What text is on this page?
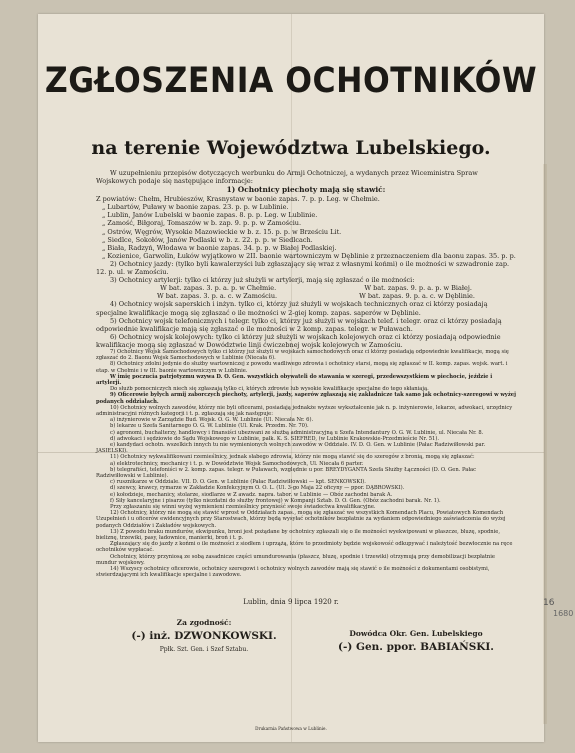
ZGŁOSZENIA OCHOTNIKÓW
na terenie Województwa Lubelskiego.

W uzupełnieniu przepisów dotyczących werbunku do Armji Ochotniczej, a wydanych przez Wiceministra Spraw Wojskowych podaje się następujące informacje:

1) Ochotnicy piechoty mają się stawić:

Z powiatów: Chełm, Hrubieszów, Krasnystaw w baonie zapas. 7. p. p. Leg. w Chełmie.

„ Lubartów, Puławy w baonie zapas. 23. p. p. w Lublinie.

„ Lublin, Janów Lubelski w baonie zapas. 8. p. p. Leg. w Lublinie.

„ Zamość, Biłgoraj, Tomaszów w b. zap. 9. p. p. w Zamościu.

„ Ostrów, Węgrów, Wysokie Mazowieckie w b. z. 15. p. p. w Brześciu Lit.

„ Siedlce, Sokołów, Janów Podlaski w b. z. 22. p. p. w Siedlcach.

„ Biała, Radzyń, Włodawa w baonie zapas. 34. p. p. w Białej Podlaskiej.

„ Kozienice, Garwolin, Łuków wyjątkowo w 2II. baonie wartowniczym w Dęblinie z przeznaczeniem dla baonu zapas. 35. p. p.

2) Ochotnicy jazdy: (tylko byli kawalerzyści lub zgłaszający się wraz z własnymi końmi) o ile możności w szwadronie zap. 12. p. ul. w Zamościu.

3) Ochotnicy artylerji: tylko ci którzy już służyli w artylerji, mają się zgłaszać o ile możności:

W bat. zapas. 3. p. a. p. w Chełmie.	W bat. zapas. 9. p. a. p. w Białej.
W bat. zapas. 3. p. a. c. w Zamościu.	W bat. zapas. 9. p. a. c. w Dęblinie.

4) Ochotnicy wojsk saperskich i inżyn. tylko ci, którzy już służyli w wojskach technicznych oraz ci którzy posiadają specjalne kwalifikacje mogą się zgłaszać o ile możności w 2-giej komp. zapas. saperów w Dęblinie.

5) Ochotnicy wojsk telefonicznych i telegr. tylko ci, którzy już służyli w wojskach telef. i telegr. oraz ci którzy posiadają odpowiednie kwalifikacje mają się zgłaszać o ile możności w 2 komp. zapas. telegr. w Puławach.

6) Ochotnicy wojsk kolejowych: tylko ci którzy już służyli w wojskach kolejowych oraz ci którzy posiadają odpowiednie kwalifikacje mogą się zgłaszać w Dowództwie linji ćwiczebnej wojsk kolejowych w Zamościu.

7) Ochotnicy Wojsk Samochodowych tylko ci którzy już służyli w wojskach samochodowych oraz ci którzy posiadają odpowiednie kwalifikacje, mogą się zgłaszać do 2. Baonu Wojsk Samochodowych w Lublinie (Niecała 6).

8) Ochotnicy zdolni jedynie do służby wartowniczej z powodu wadliwego zdrowia i ochotnicy starsi, mogą się zgłaszać w II. komp. zapas. wojsk. wart. i etap. w Chełmie i w III. baonie wartowniczym w Lublinie.

W imię poczucia patrjotyzmu wzywa D. O. Gen. wszystkich obywateli do stawania w szeregi, przedewszystkiem w piechocie, jeździe i artylerji.

Do służb pomocniczych niech się zgłaszają tylko ci, których zdrowie lub wysokie kwalifikacje specjalne do tego skłaniają.

9) Oficerowie byłych armij zaborczych piechoty, artylerji, jazdy, saperów zgłaszają się zakładnicze tak samo jak ochotnicy-szeregowi w wyżej podanych oddziałach.

10) Ochotnicy wolnych zawodów, którzy nie byli oficerami, posiadają jednakże wyższe wykształcenie jak n. p. inżynierowie, lekarze, adwokaci, urzędnicy administracyjni różnych kategorji i t. p. zgłaszają się jak następuje:

a) inżynierowie w Zarządzie Bud. Wojsk. O. G. W. Lublinie (Ul. Niecała Nr. 6).

b) lekarze u Szefa Sanitarnego O. G. W. Lublinie (Ul. Krak. Przedm. Nr. 70).

c) agronomi, buchalterzy, handlowcy i finansiści ubezwani ze służbą administracyjną u Szefa Intendantury O. G. W. Lublinie, ul. Niecała Nr. 8.

d) adwokaci i sędziowie do Sądu Wojskowego w Lublinie, pałk. K. S. SIEFRED, (w Lublinie Krakowskie-Przedmieście Nr. 51).

e) kandydaci ochotn. wszelkich innych tu nie wymienionych wolnych zawodów w Oddziale. IV. D. O. Gen. w Lublinie (Pałac Radziwiłłowski par. JASIELSKI).

11) Ochotnicy wykwalifikowani rzemieślnicy, jednak słabego zdrowia, którzy nie mogą stawić się do szeregów z bronią, mogą się zgłaszać:

a) elektrotechnicy, mechanicy i t. p. w Dowództwie Wojsk Samochodowych, Ul. Niecała 6 parter.

b) telegrafiści, telefoniści w 2. komp. zapas. telegr. w Puławach, względnie u por. BREYDYGANTA Szefa Służby Łączności (D. O. Gen. Pałac Radziwiłłowski w Lublinie).

c) rusznikarze w Oddziale. VII. D. O. Gen. w Lublinie (Pałac Radziwiłłowski — kpt. SENKOWSKI).

d) szewcy, krawcy, rymarze w Zakładzie Konfekcyjnym O. O. L. (Ul. 3-go Maja 22 oficyny — ppor. DĄBROWSKI).

e) kołodzieje, mechanicy, stolarze, siodlarze w Z awadz. napra. tabor. w Lublinie — Obóz zachodni barak A.

f) Siły kancelaryjne i pisarze (tylko niezdatni do służby frontowej) w Kompanji Sztab. D. O. Gen. (Obóz zachodni barak. Nr. 1).

Przy zgłaszaniu się winni wyżej wymienieni rzemieślnicy przynieść swoje świadectwa kwalifikacyjne.

12) Ochotnicy, którzy nie mogą się stawić wprost w Oddziałach zapas., mogą się zgłaszać we wszystkich Komendach Placu, Powiatowych Komendach Uzupełnień i u oficerów ewidencyjnych przy Starostwach, którzy będą wysyłać ochotników bezpłatnie za wydaniem odpowiedniego zaświadczenia do wyżej podanych Oddziałów i Zakładów wojskowych.

13) Z powodu braku mundurów, ekwipunku, broni jest pożądane by ochotnicy zgłaszali się o ile możności wyekwipowani w płaszcze, bluzę, spodnie, bieliznę, trzewiki, pasy, ładownice, manierki, broń i t. p.

Zgłaszający się do jazdy z końmi o ile możności z siodłem i uprzążą, które to przedmioty będzie wojskowość odkupywać i należytość bezwłocznie na ręce ochotników wypłacać.

Ochotnicy, którzy przyniosą ze sobą zasadnicze części umundurowania (płaszcz, bluzę, spodnie i trzewiki) otrzymują przy demobilizacji bezpłatnie mundur wojskowy.

14) Wszyscy ochotnicy oficerowie, ochotnicy szeregowi i ochotnicy wolnych zawodów mają się stawić o ile możności z dokumentami osobistymi, stwierdzającymi ich kwalifikacje specjalne i zawodowe.

Lublin, dnia 9 lipca 1920 r.
Za zgodność:
(-) inż. DZWONKOWSKI.
Ppłk. Szt. Gen. i Szef Sztabu.
Dowódca Okr. Gen. Lubelskiego
(-) Gen. ppor. BABIAŃSKI.
Drukarnia Państwowa w Lublinie.
16
1680
